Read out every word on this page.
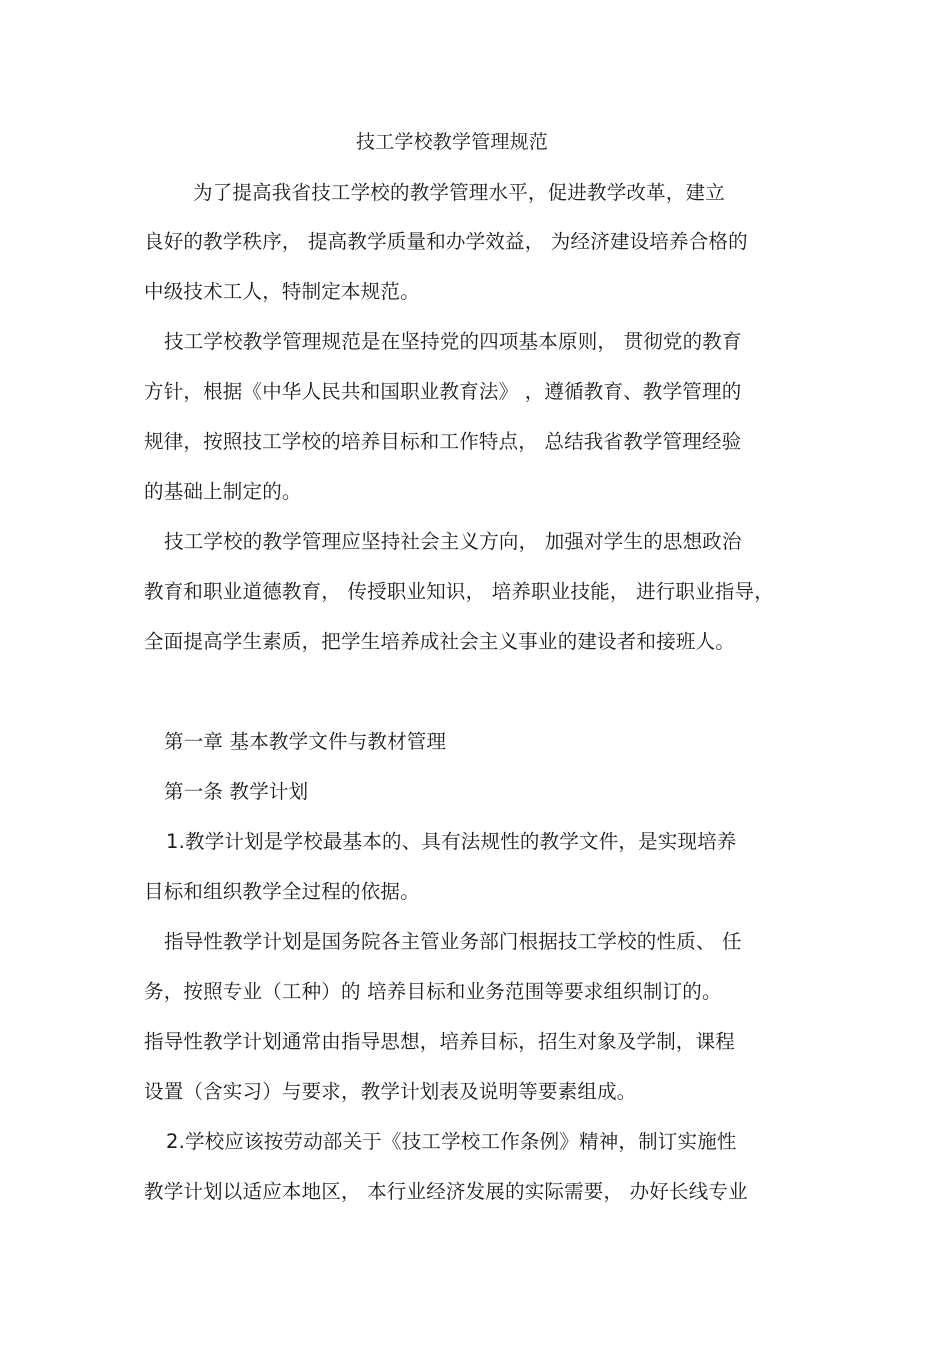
技工学校教学管理规范
为了提高我省技工学校的教学管理水平，促进教学改革，建立
良好的教学秩序， 提高教学质量和办学效益， 为经济建设培养合格的
中级技术工人，特制定本规范。
技工学校教学管理规范是在坚持党的四项基本原则， 贯彻党的教育
方针，根据《中华人民共和国职业教育法》 ，遵循教育、教学管理的
规律，按照技工学校的培养目标和工作特点， 总结我省教学管理经验
的基础上制定的。
技工学校的教学管理应坚持社会主义方向， 加强对学生的思想政治
教育和职业道德教育， 传授职业知识， 培养职业技能， 进行职业指导，
全面提高学生素质，把学生培养成社会主义事业的建设者和接班人。
第一章 基本教学文件与教材管理
第一条 教学计划
1.教学计划是学校最基本的、具有法规性的教学文件，是实现培养
目标和组织教学全过程的依据。
指导性教学计划是国务院各主管业务部门根据技工学校的性质、 任
务，按照专业（工种）的 培养目标和业务范围等要求组织制订的。
指导性教学计划通常由指导思想，培养目标，招生对象及学制，课程
设置（含实习）与要求，教学计划表及说明等要素组成。
2.学校应该按劳动部关于《技工学校工作条例》精神，制订实施性
教学计划以适应本地区， 本行业经济发展的实际需要， 办好长线专业
